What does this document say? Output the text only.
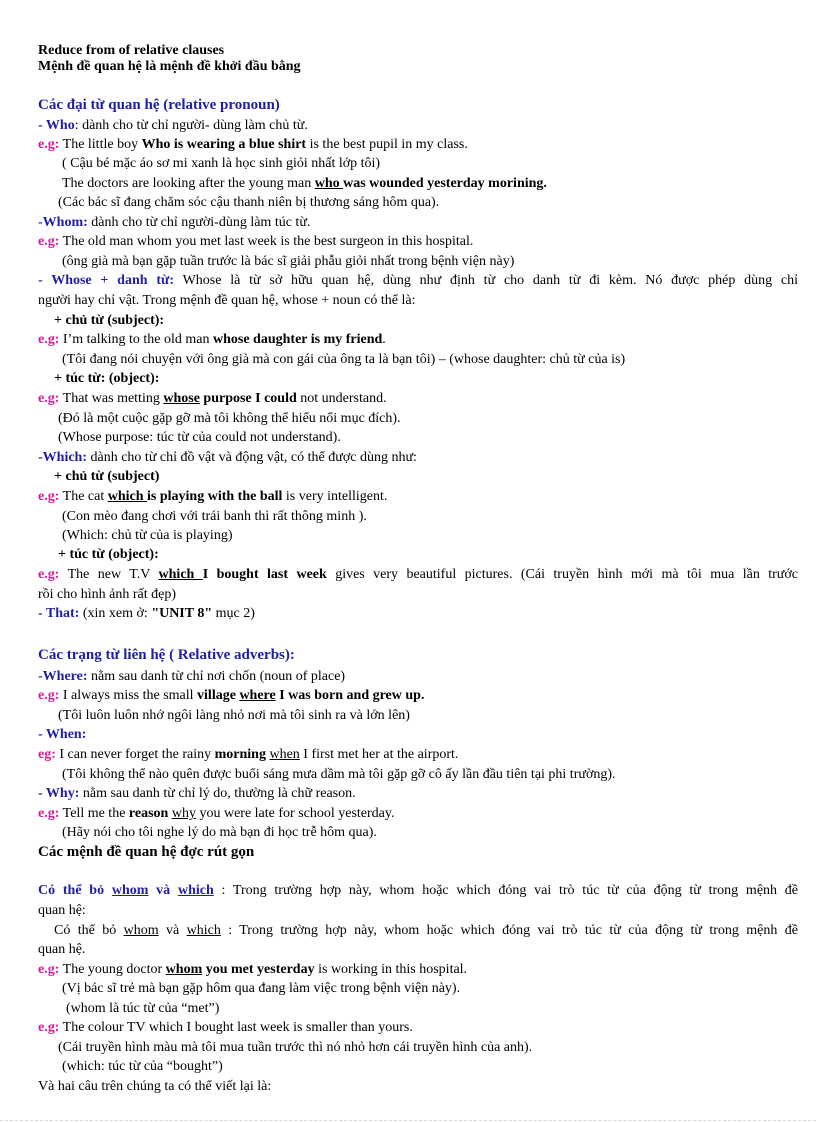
Reduce from of relative clauses
Mệnh đề quan hệ là mệnh đề khởi đầu bằng
Các đại từ quan hệ (relative pronoun)
- Who: dành cho từ chỉ người- dùng làm chủ từ.
e.g: The little boy Who is wearing a blue shirt is the best pupil in my class.
( Cậu bé mặc áo sơ mi xanh là học sinh giỏi nhất lớp tôi)
The doctors are looking after the young man who was wounded yesterday morining.
(Các bác sĩ đang chăm sóc cậu thanh niên bị thương sáng hôm qua).
-Whom: dành cho từ chỉ người-dùng làm túc từ.
e.g: The old man whom you met last week is the best surgeon in this hospital.
(ông già mà bạn gặp tuần trước là bác sĩ giải phẫu giỏi nhất trong bệnh viện này)
- Whose + danh từ: Whose là từ sở hữu quan hệ, dùng như định từ cho danh từ đi kèm. Nó được phép dùng chỉ
người hay chỉ vật. Trong mệnh đề quan hệ, whose + noun có thể là:
+ chủ từ (subject):
e.g: I’m talking to the old man whose daughter is my friend.
(Tôi đang nói chuyện với ông già mà con gái của ông ta là bạn tôi) – (whose daughter: chủ từ của is)
+ túc từ: (object):
e.g: That was metting whose purpose I could not understand.
(Đó là một cuộc gặp gỡ mà tôi không thể hiểu nổi mục đích).
(Whose purpose: túc từ của could not understand).
-Which: dành cho từ chỉ đồ vật và động vật, có thể được dùng như:
+ chủ từ (subject)
e.g: The cat which is playing with the ball is very intelligent.
(Con mèo đang chơi với trái banh thì rất thông minh ).
(Which: chủ từ của is playing)
+ túc từ (object):
e.g: The new T.V which I bought last week gives very beautiful pictures. (Cái truyền hình mới mà tôi mua lần trước
rồi cho hình ảnh rất đẹp)
- That: (xin xem ở: "UNIT 8" mục 2)
Các trạng từ liên hệ ( Relative adverbs):
-Where: nằm sau danh từ chỉ nơi chốn (noun of place)
e.g: I always miss the small village where I was born and grew up.
(Tôi luôn luôn nhớ ngôi làng nhỏ nơi mà tôi sinh ra và lớn lên)
- When:
eg: I can never forget the rainy morning when I first met her at the airport.
(Tôi không thể nào quên được buổi sáng mưa dầm mà tôi gặp gỡ cô ấy lần đầu tiên tại phi trường).
- Why: nằm sau danh từ chỉ lý do, thường là chữ reason.
e.g: Tell me the reason why you were late for school yesterday.
(Hãy nói cho tôi nghe lý do mà bạn đi học trễ hôm qua).
Các mệnh đề quan hệ đợc rút gọn
Có thể bỏ whom và which : Trong trường hợp này, whom hoặc which đóng vai trò túc từ của động từ trong mệnh đề
quan hệ:
Có thể bỏ whom và which : Trong trường hợp này, whom hoặc which đóng vai trò túc từ của động từ trong mệnh đề
quan hệ.
e.g: The young doctor whom you met yesterday is working in this hospital.
(Vị bác sĩ trẻ mà bạn gặp hôm qua đang làm việc trong bệnh viện này).
(whom là túc từ của “met”)
e.g: The colour TV which I bought last week is smaller than yours.
(Cái truyền hình màu mà tôi mua tuần trước thì nó nhỏ hơn cái truyền hình của anh).
(which: túc từ của “bought”)
Và hai câu trên chúng ta có thể viết lại là:
